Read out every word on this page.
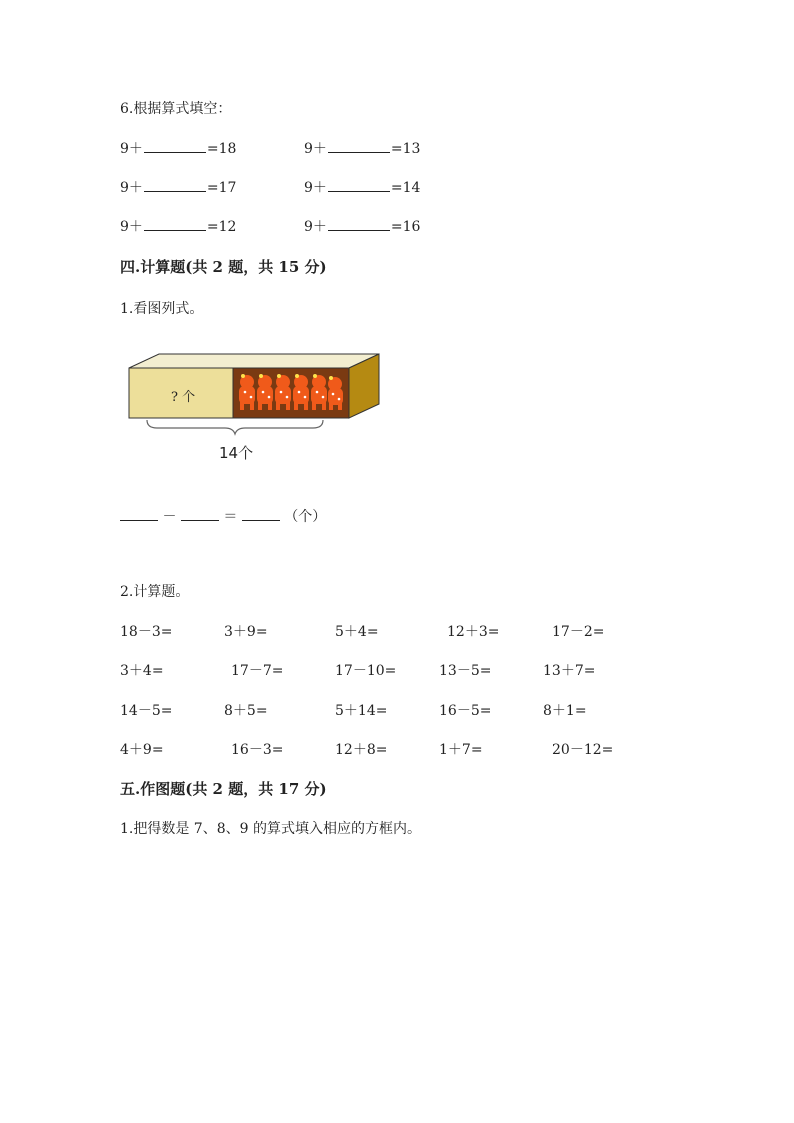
6.根据算式填空：
9＋	=18	9＋	=13
9＋	=17	9＋	=14
9＋	=12	9＋	=16
四.计算题(共 2 题，共 15 分)
1.看图列式。
? 个
14个
－	＝	（个）
2.计算题。
18－3=	3＋9=	5＋4=	12＋3=	17－2=
3＋4=	17－7=	17－10=	13－5=	13＋7=
14－5=	8＋5=	5＋14=	16－5=	8＋1=
4＋9=	16－3=	12＋8=	1＋7=	20－12=
五.作图题(共 2 题，共 17 分)
1.把得数是 7、8、9 的算式填入相应的方框内。
